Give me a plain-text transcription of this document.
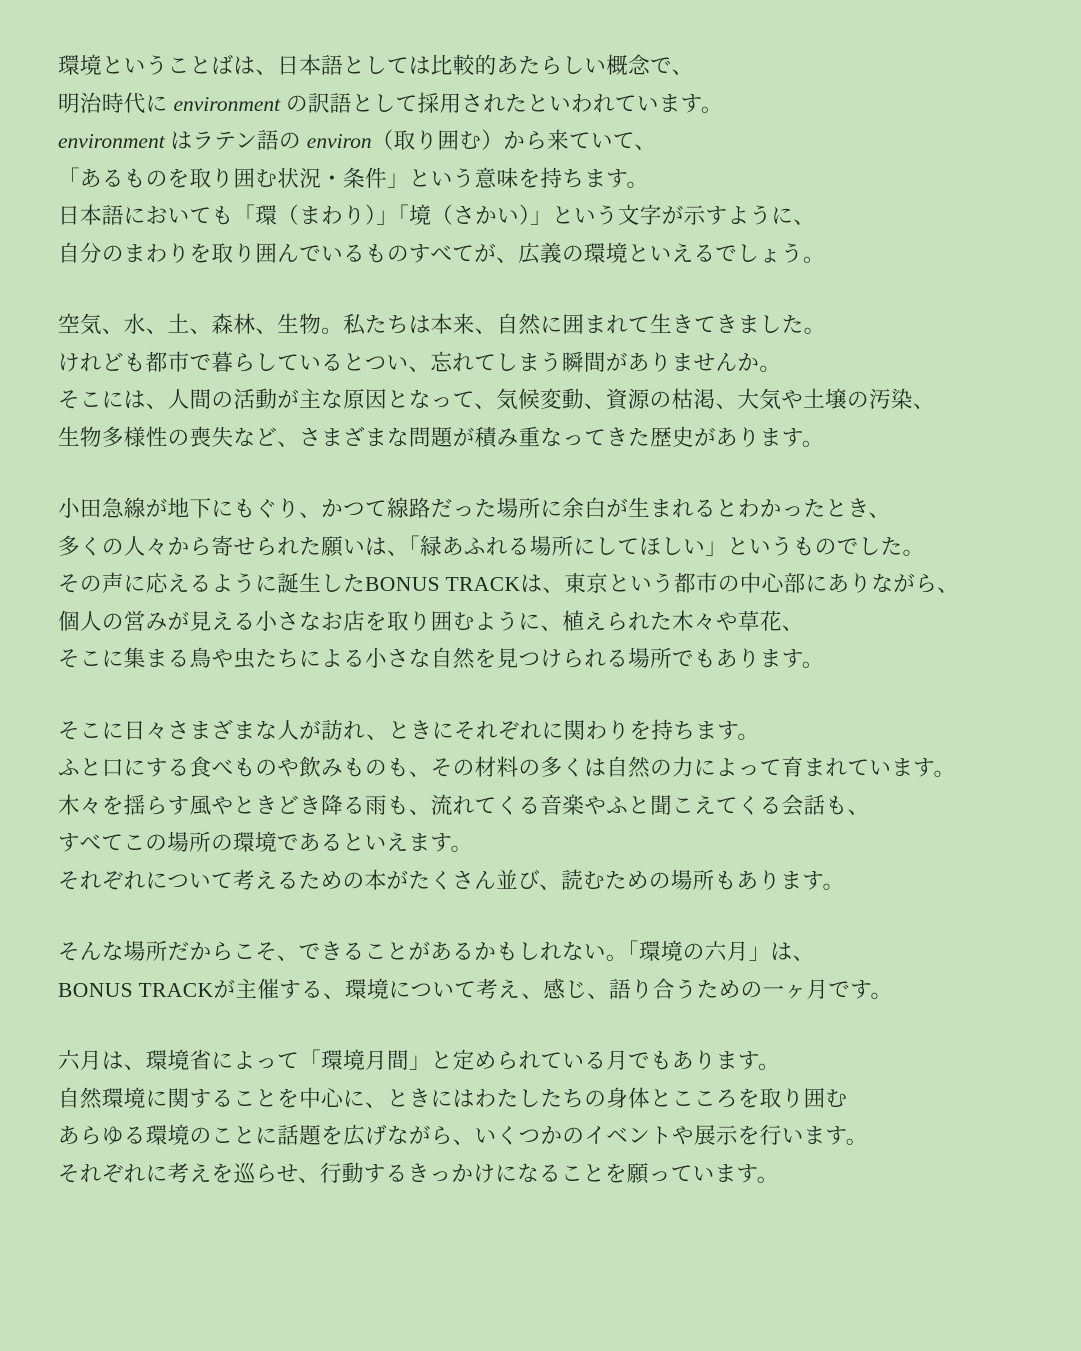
環境ということばは、日本語としては比較的あたらしい概念で、
明治時代に environment の訳語として採用されたといわれています。
environment はラテン語の environ（取り囲む）から来ていて、
「あるものを取り囲む状況・条件」という意味を持ちます。
日本語においても「環（まわり）」「境（さかい）」という文字が示すように、
自分のまわりを取り囲んでいるものすべてが、広義の環境といえるでしょう。
空気、水、土、森林、生物。私たちは本来、自然に囲まれて生きてきました。
けれども都市で暮らしているとつい、忘れてしまう瞬間がありませんか。
そこには、人間の活動が主な原因となって、気候変動、資源の枯渇、大気や土壌の汚染、
生物多様性の喪失など、さまざまな問題が積み重なってきた歴史があります。
小田急線が地下にもぐり、かつて線路だった場所に余白が生まれるとわかったとき、
多くの人々から寄せられた願いは、「緑あふれる場所にしてほしい」というものでした。
その声に応えるように誕生したBONUS TRACKは、東京という都市の中心部にありながら、
個人の営みが見える小さなお店を取り囲むように、植えられた木々や草花、
そこに集まる鳥や虫たちによる小さな自然を見つけられる場所でもあります。
そこに日々さまざまな人が訪れ、ときにそれぞれに関わりを持ちます。
ふと口にする食べものや飲みものも、その材料の多くは自然の力によって育まれています。
木々を揺らす風やときどき降る雨も、流れてくる音楽やふと聞こえてくる会話も、
すべてこの場所の環境であるといえます。
それぞれについて考えるための本がたくさん並び、読むための場所もあります。
そんな場所だからこそ、できることがあるかもしれない。「環境の六月」は、
BONUS TRACKが主催する、環境について考え、感じ、語り合うための一ヶ月です。
六月は、環境省によって「環境月間」と定められている月でもあります。
自然環境に関することを中心に、ときにはわたしたちの身体とこころを取り囲む
あらゆる環境のことに話題を広げながら、いくつかのイベントや展示を行います。
それぞれに考えを巡らせ、行動するきっかけになることを願っています。
